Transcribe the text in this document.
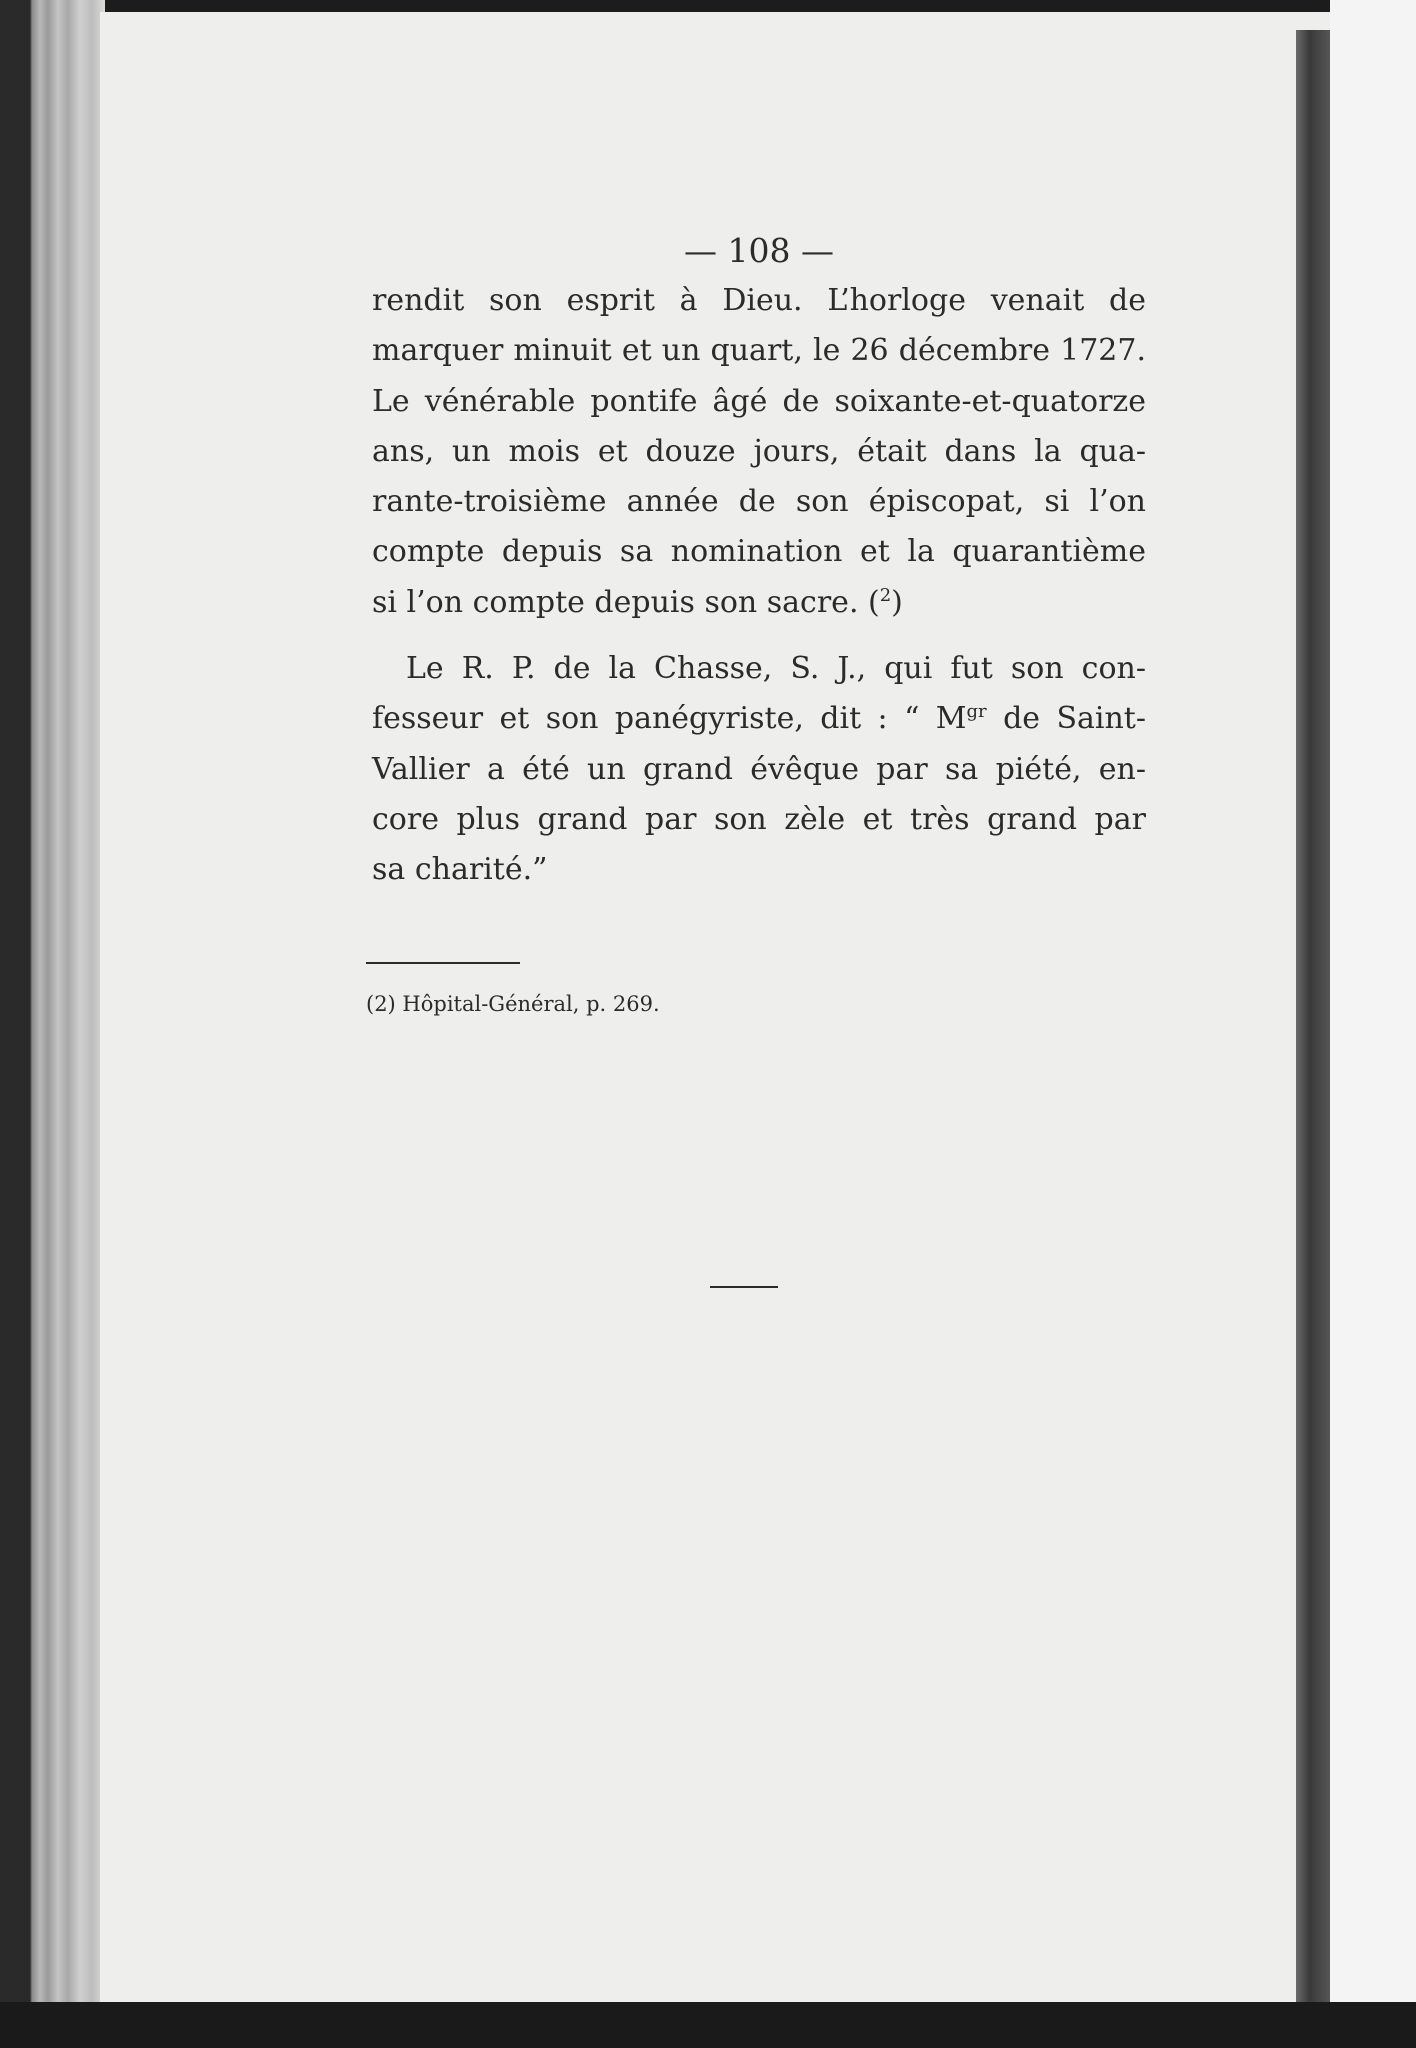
— 108 —
rendit son esprit à Dieu. L’horloge venait de
marquer minuit et un quart, le 26 décembre 1727.
Le vénérable pontife âgé de soixante-et-quatorze
ans, un mois et douze jours, était dans la qua-
rante-troisième année de son épiscopat, si l’on
compte depuis sa nomination et la quarantième
si l’on compte depuis son sacre. ($^2$)
Le R. P. de la Chasse, S. J., qui fut son con-
fesseur et son panégyriste, dit : “ $M^{gr}$ de Saint-
Vallier a été un grand évêque par sa piété, en-
core plus grand par son zèle et très grand par
sa charité.”
(2) Hôpital-Général, p. 269.
